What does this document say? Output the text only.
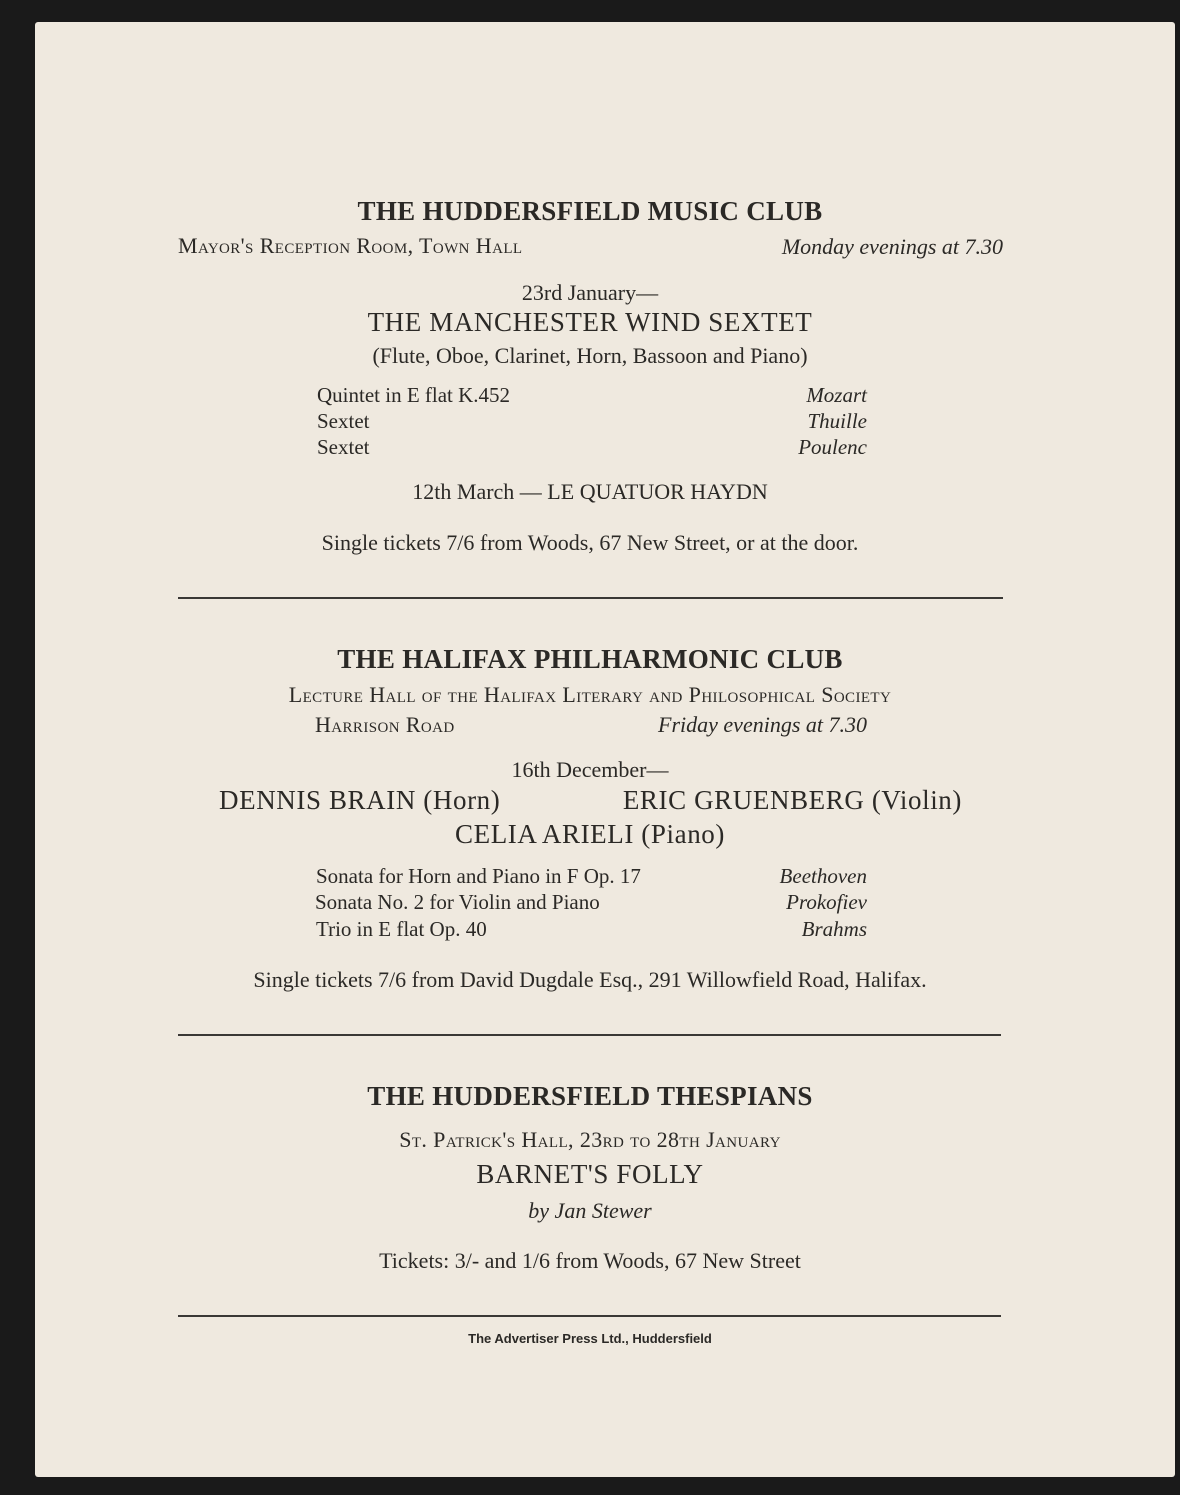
THE HUDDERSFIELD MUSIC CLUB
Mayor's Reception Room, Town Hall	Monday evenings at 7.30
23rd January—
THE MANCHESTER WIND SEXTET
(Flute, Oboe, Clarinet, Horn, Bassoon and Piano)
Quintet in E flat K.452	Mozart
Sextet	Thuille
Sextet	Poulenc
12th March — LE QUATUOR HAYDN
Single tickets 7/6 from Woods, 67 New Street, or at the door.
THE HALIFAX PHILHARMONIC CLUB
Lecture Hall of the Halifax Literary and Philosophical Society
Harrison Road	Friday evenings at 7.30
16th December—
DENNIS BRAIN (Horn)	ERIC GRUENBERG (Violin)
CELIA ARIELI (Piano)
Sonata for Horn and Piano in F Op. 17	Beethoven
Sonata No. 2 for Violin and Piano	Prokofiev
Trio in E flat Op. 40	Brahms
Single tickets 7/6 from David Dugdale Esq., 291 Willowfield Road, Halifax.
THE HUDDERSFIELD THESPIANS
St. Patrick's Hall, 23rd to 28th January
BARNET'S FOLLY
by Jan Stewer
Tickets: 3/- and 1/6 from Woods, 67 New Street
The Advertiser Press Ltd., Huddersfield
